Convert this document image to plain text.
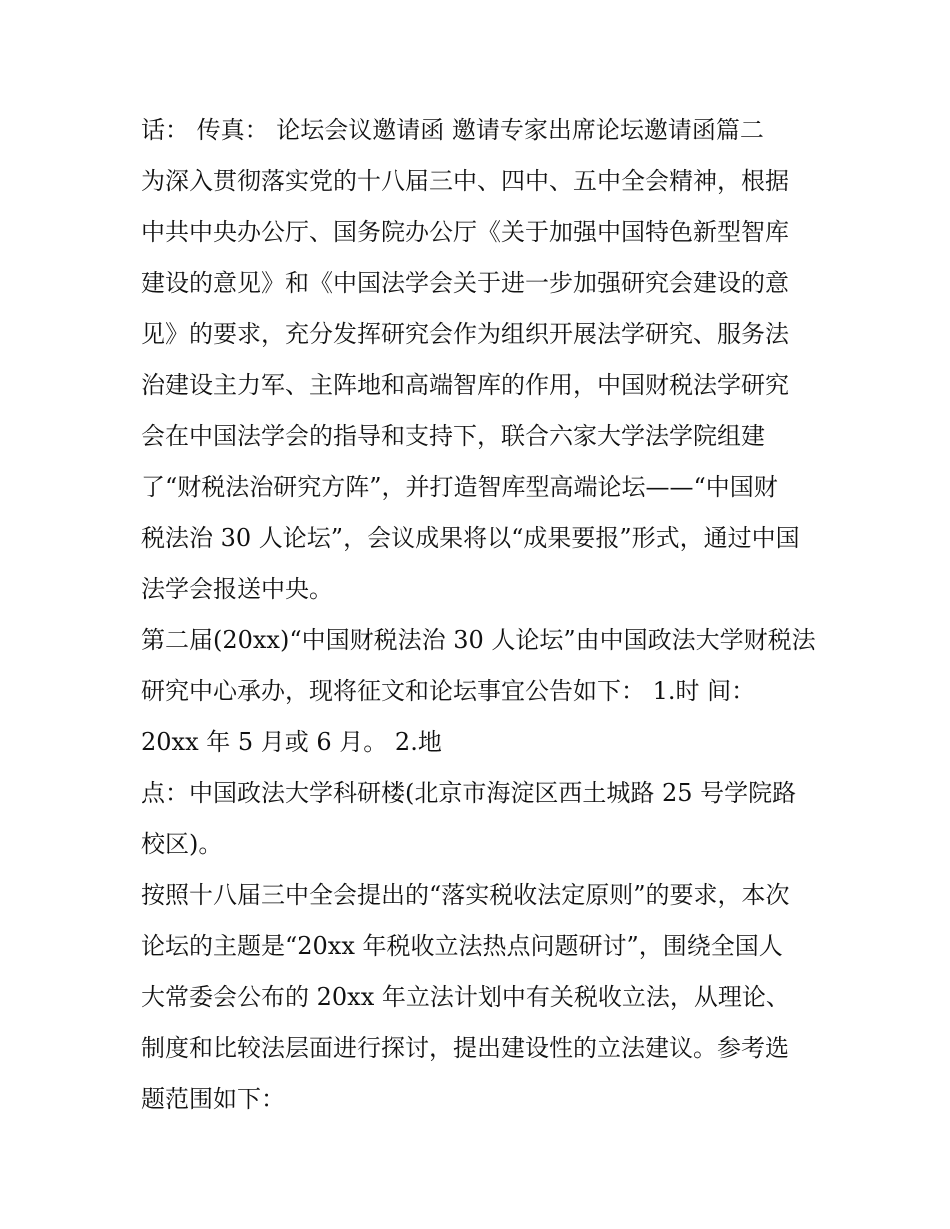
话： 传真： 论坛会议邀请函 邀请专家出席论坛邀请函篇二
为深入贯彻落实党的十八届三中、四中、五中全会精神，根据
中共中央办公厅、国务院办公厅《关于加强中国特色新型智库
建设的意见》和《中国法学会关于进一步加强研究会建设的意
见》的要求，充分发挥研究会作为组织开展法学研究、服务法
治建设主力军、主阵地和高端智库的作用，中国财税法学研究
会在中国法学会的指导和支持下，联合六家大学法学院组建
了“财税法治研究方阵”，并打造智库型高端论坛——“中国财
税法治 30 人论坛”，会议成果将以“成果要报”形式，通过中国
法学会报送中央。
第二届(20xx)“中国财税法治 30 人论坛”由中国政法大学财税法
研究中心承办，现将征文和论坛事宜公告如下： 1.时 间：
20xx 年 5 月或 6 月。 2.地
点：中国政法大学科研楼(北京市海淀区西土城路 25 号学院路
校区)。
按照十八届三中全会提出的“落实税收法定原则”的要求，本次
论坛的主题是“20xx 年税收立法热点问题研讨”，围绕全国人
大常委会公布的 20xx 年立法计划中有关税收立法，从理论、
制度和比较法层面进行探讨，提出建设性的立法建议。参考选
题范围如下：
